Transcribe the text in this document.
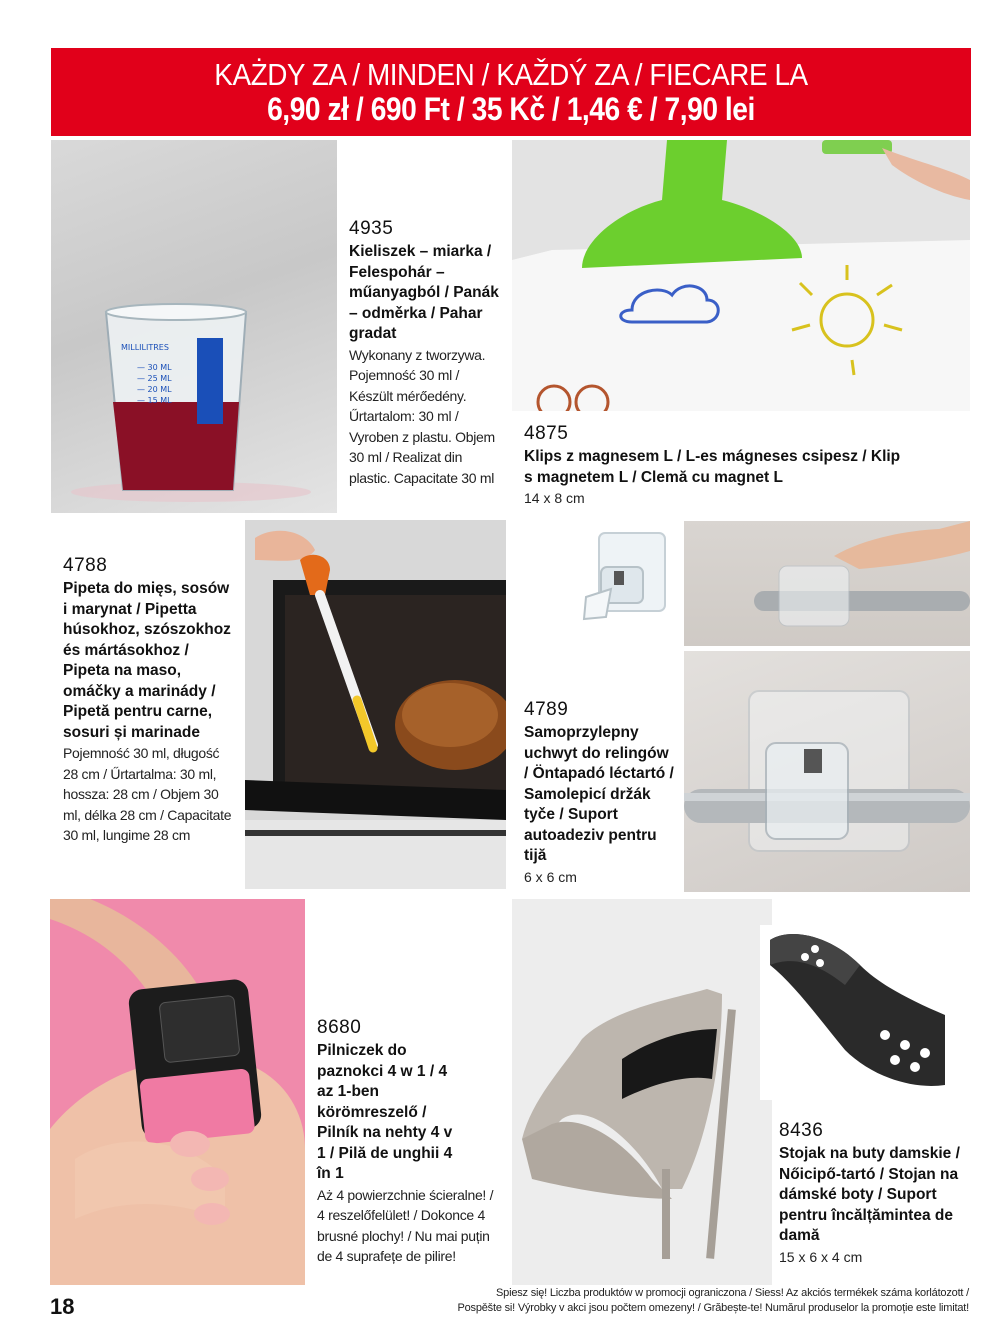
KAŻDY ZA / MINDEN / KAŽDÝ ZA / FIECARE LA
6,90 zł / 690 Ft / 35 Kč / 1,46 € / 7,90 lei
MILLILITRES
— 30 ML
— 25 ML
— 20 ML
— 15 ML
4935
Kieliszek – miarka / Felespohár – műanyagból / Panák – odměrka / Pahar gradat
Wykonany z tworzywa. Pojemność 30 ml / Készült mérőedény. Űrtartalom: 30 ml / Vyroben z plastu. Objem 30 ml / Realizat din plastic. Capacitate 30 ml
4875
Klips z magnesem L / L-es mágneses csipesz / Klip s magnetem L / Clemă cu magnet L
14 x 8 cm
4788
Pipeta do mięs, sosów i marynat / Pipetta húsokhoz, szószokhoz és mártásokhoz / Pipeta na maso, omáčky a marinády / Pipetă pentru carne, sosuri și marinade
Pojemność 30 ml, długość 28 cm / Űrtartalma: 30 ml, hossza: 28 cm / Objem 30 ml, délka 28 cm / Capacitate 30 ml, lungime 28 cm
4789
Samoprzylepny uchwyt do relingów / Öntapadó léctartó / Samolepicí držák tyče / Suport autoadeziv pentru tijă
6 x 6 cm
8680
Pilniczek do paznokci 4 w 1 / 4 az 1-ben körömreszelő / Pilník na nehty 4 v 1 / Pilă de unghii 4 în 1
Aż 4 powierzchnie ścieralne! / 4 reszelőfelület! / Dokonce 4 brusné plochy! / Nu mai puțin de 4 suprafețe de pilire!
8436
Stojak na buty damskie / Nőicipő-tartó / Stojan na dámské boty / Suport pentru încălțămintea de damă
15 x 6 x 4 cm
18
Spiesz się! Liczba produktów w promocji ograniczona / Siess! Az akciós termékek száma korlátozott /
Pospěšte si! Výrobky v akci jsou počtem omezeny! / Grăbește-te! Numărul produselor la promoție este limitat!
